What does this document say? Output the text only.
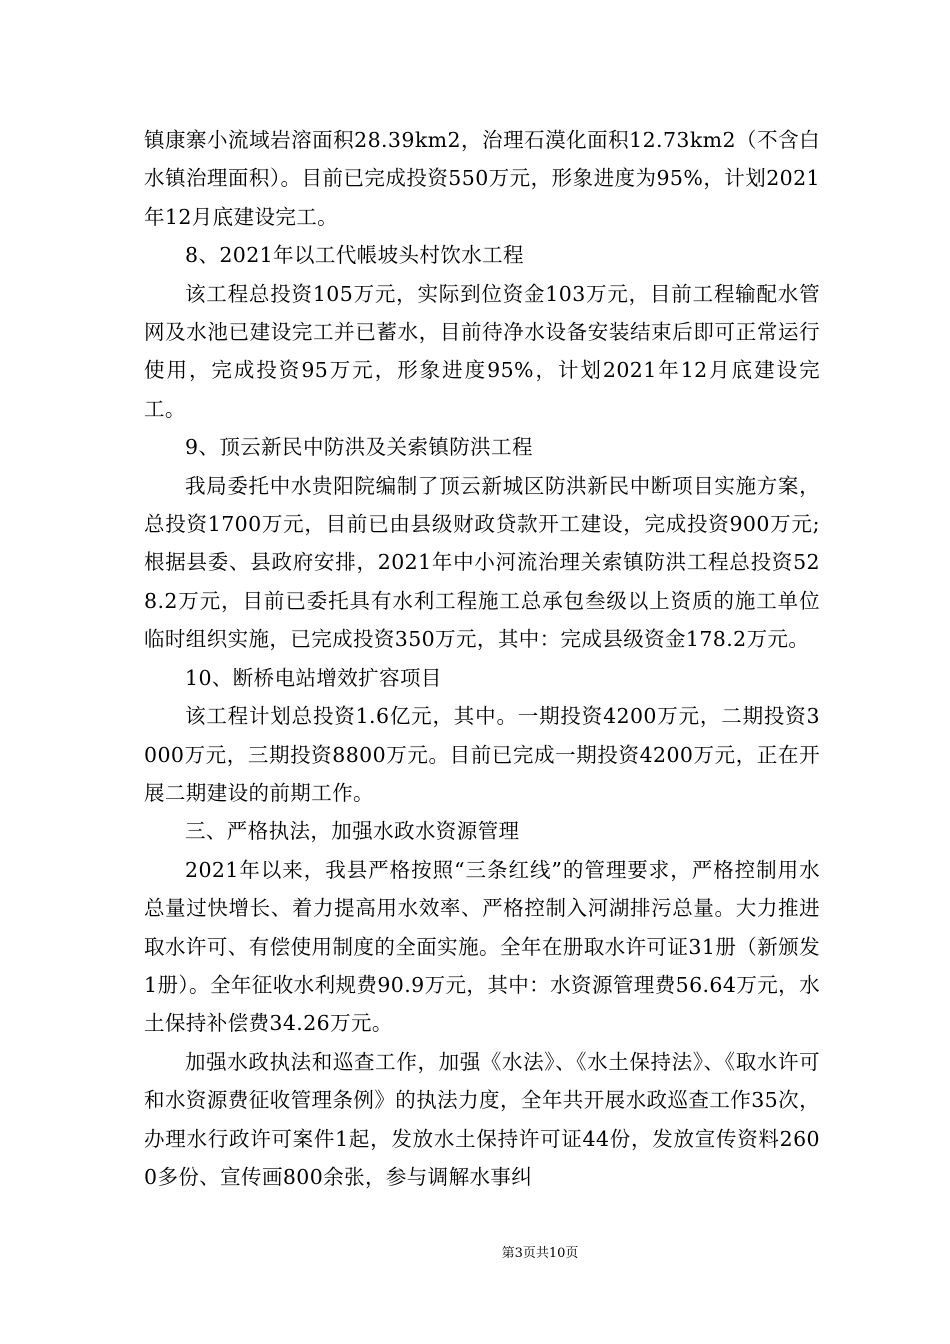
镇康寨小流域岩溶面积28.39km2，治理石漠化面积12.73km2（不含白水镇治理面积）。目前已完成投资550万元，形象进度为95%，计划2021年12月底建设完工。

8、2021年以工代帳坡头村饮水工程

该工程总投资105万元，实际到位资金103万元，目前工程输配水管网及水池已建设完工并已蓄水，目前待净水设备安装结束后即可正常运行使用，完成投资95万元，形象进度95%，计划2021年12月底建设完工。

9、顶云新民中防洪及关索镇防洪工程

我局委托中水贵阳院编制了顶云新城区防洪新民中断项目实施方案，总投资1700万元，目前已由县级财政贷款开工建设，完成投资900万元;根据县委、县政府安排，2021年中小河流治理关索镇防洪工程总投资528.2万元，目前已委托具有水利工程施工总承包叁级以上资质的施工单位临时组织实施，已完成投资350万元，其中：完成县级资金178.2万元。

10、断桥电站增效扩容项目

该工程计划总投资1.6亿元，其中。一期投资4200万元，二期投资3000万元，三期投资8800万元。目前已完成一期投资4200万元，正在开展二期建设的前期工作。

三、严格执法，加强水政水资源管理

2021年以来，我县严格按照“三条红线”的管理要求，严格控制用水总量过快增长、着力提高用水效率、严格控制入河湖排污总量。大力推进取水许可、有偿使用制度的全面实施。全年在册取水许可证31册（新颁发1册）。全年征收水利规费90.9万元，其中：水资源管理费56.64万元，水土保持补偿费34.26万元。

加强水政执法和巡查工作，加强《水法》、《水土保持法》、《取水许可和水资源费征收管理条例》的执法力度，全年共开展水政巡查工作35次，办理水行政许可案件1起，发放水土保持许可证44份，发放宣传资料2600多份、宣传画800余张，参与调解水事纠

第3页共10页
